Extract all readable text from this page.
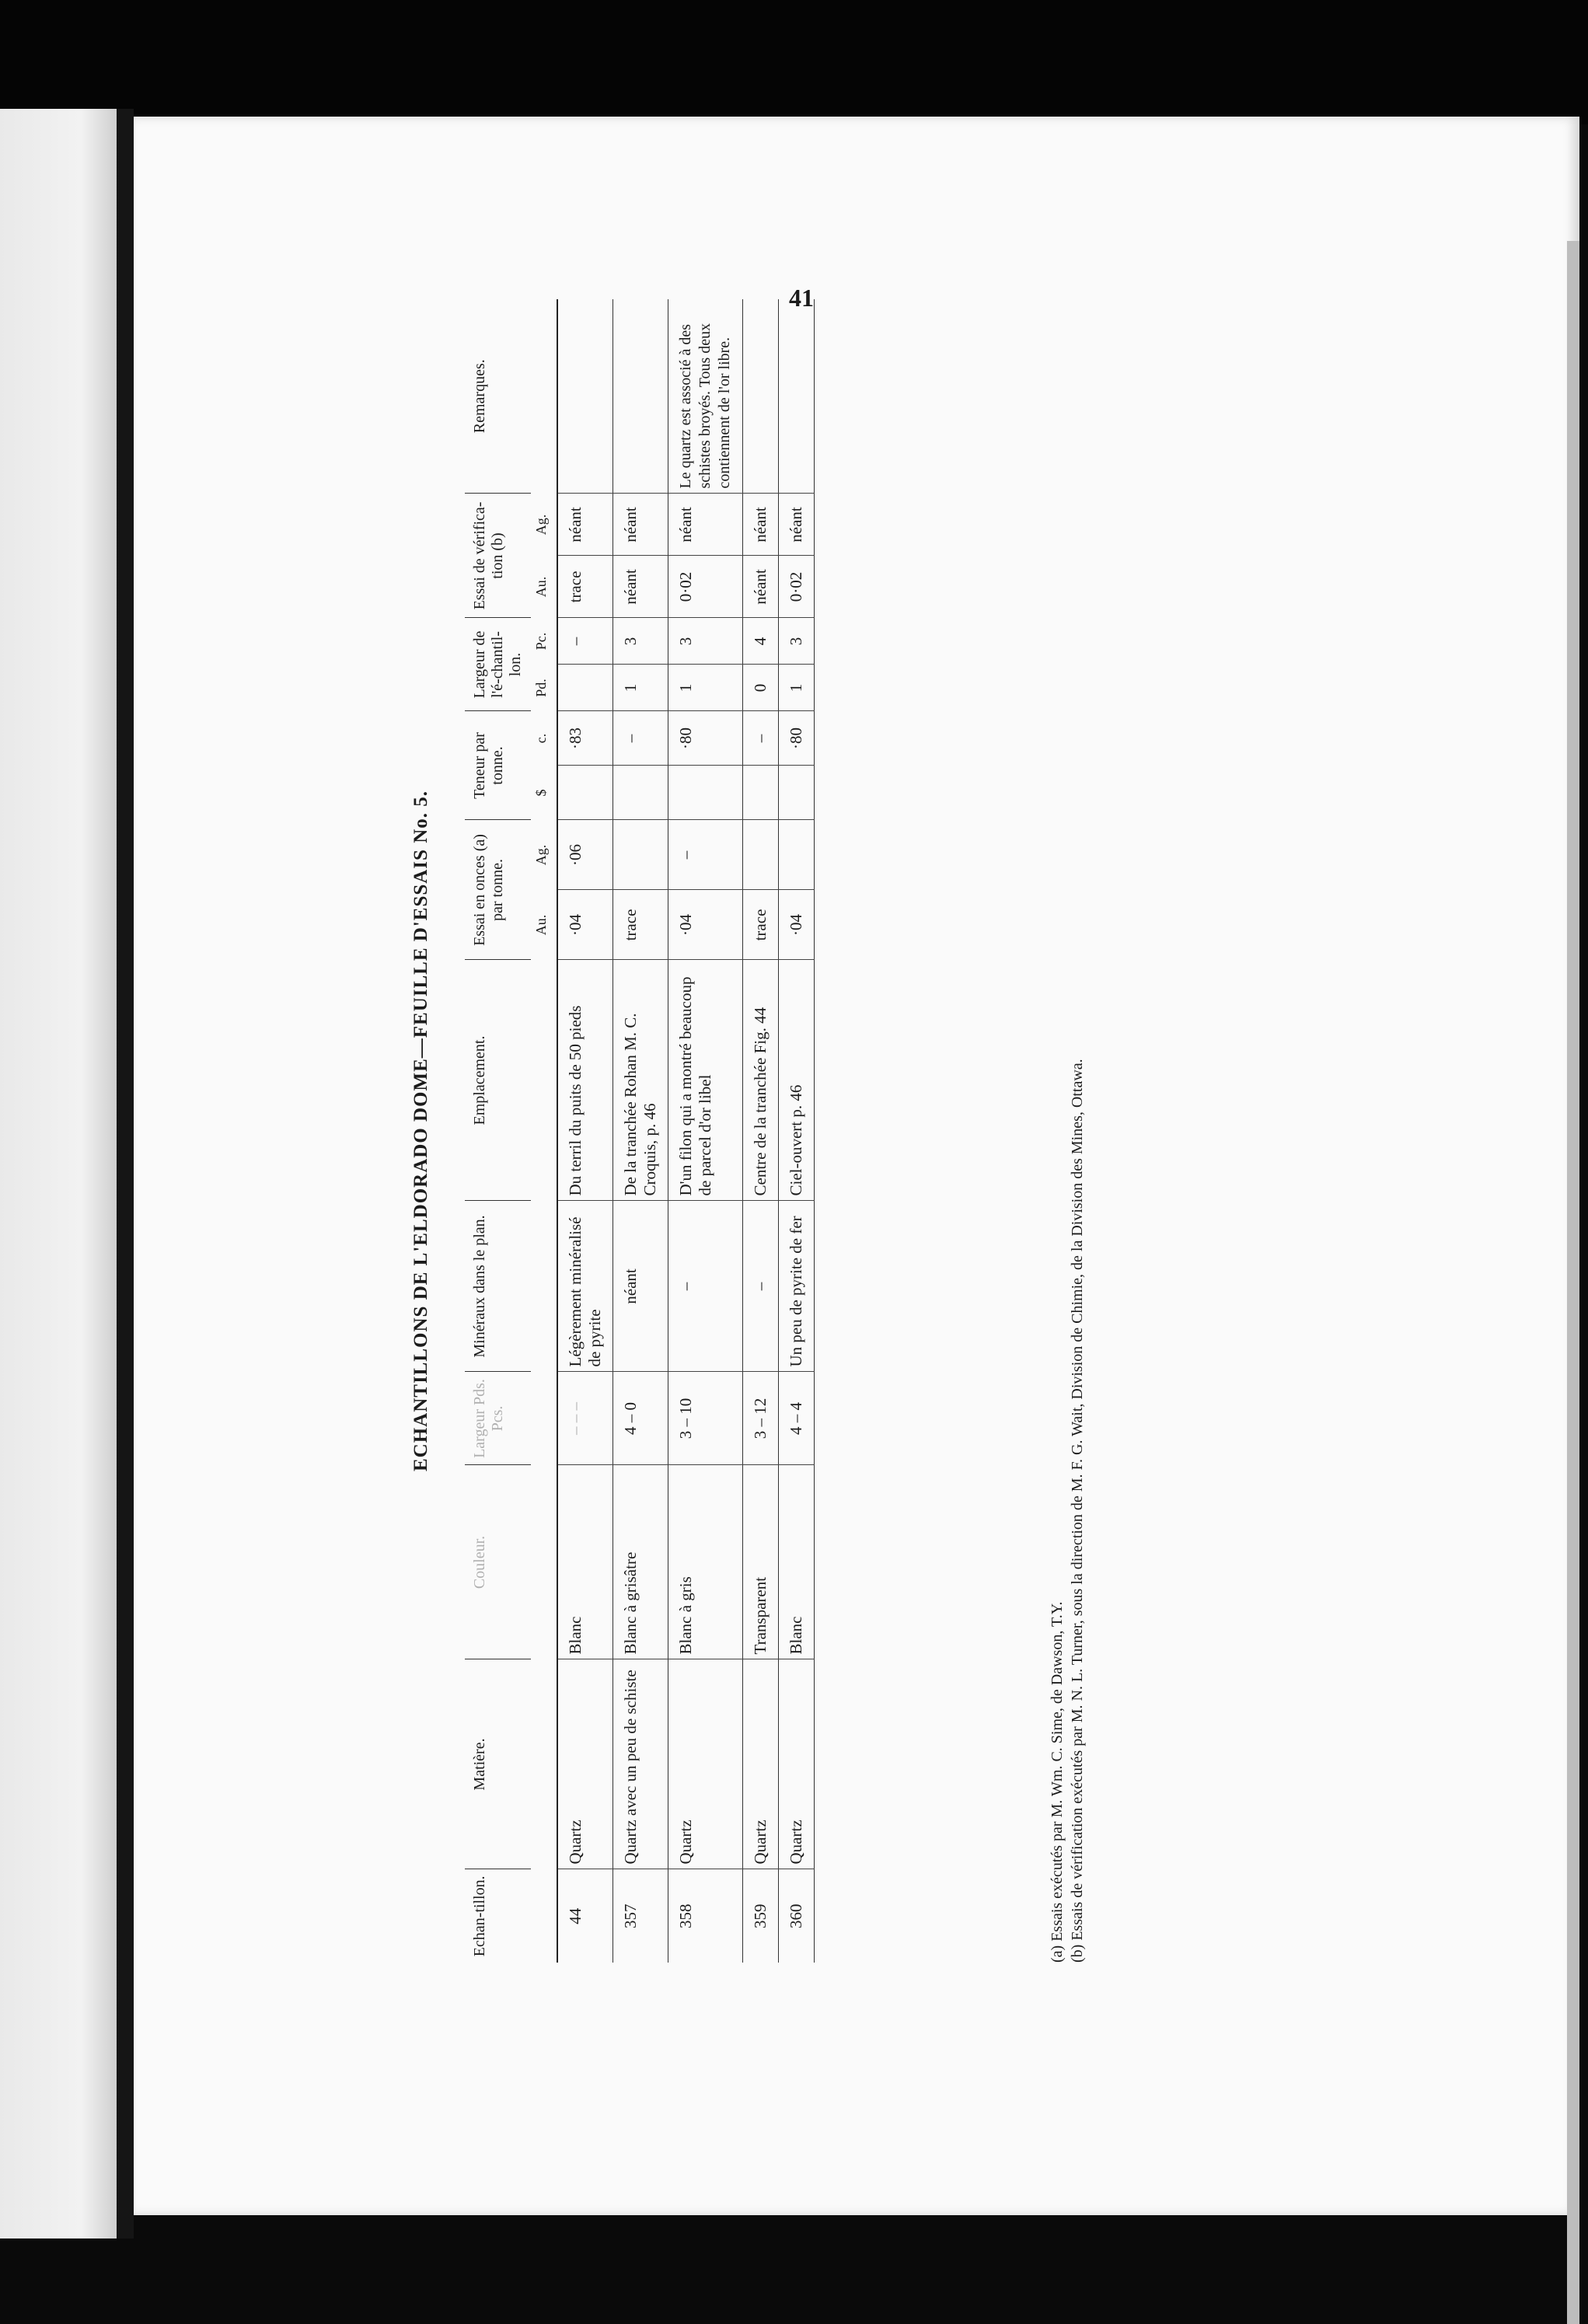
41
ECHANTILLONS DE L'ELDORADO DOME—FEUILLE D'ESSAIS No. 5.
Echan-tillon.	Matière.	Couleur.	Largeur Pds. Pcs.	Minéraux dans le plan.	Emplacement.	Essai en onces (a) par tonne.		Teneur par tonne.		Largeur de l'é-chantil-lon.		Essai de vérifica-tion (b)		Remarques.
						Au.	Ag.	$	c.	Pd.	Pc.	Au.	Ag.	
44	Quartz	Blanc	– – –	Légèrement minéralisé de pyrite	Du terril du puits de 50 pieds	·04	·06		·83		–	trace	néant	
357	Quartz avec un peu de schiste	Blanc à grisâtre	4 – 0	néant	De la tranchée Rohan M. C. Croquis, p. 46	trace			–	1	3	néant	néant	
358	Quartz	Blanc à gris	3 – 10	–	D'un filon qui a montré beaucoup de parcel d'or libel	·04	–		·80	1	3	0·02	néant	Le quartz est associé à des schistes broyés. Tous deux contiennent de l'or libre.
359	Quartz	Transparent	3 – 12	–	Centre de la tranchée Fig. 44	trace			–	0	4	néant	néant	
360	Quartz	Blanc	4 – 4	Un peu de pyrite de fer	Ciel-ouvert p. 46	·04			·80	1	3	0·02	néant	
(a) Essais exécutés par M. Wm. C. Sime, de Dawson, T.Y.
(b) Essais de vérification exécutés par M. N. L. Turner, sous la direction de M. F. G. Wait, Division de Chimie, de la Division des Mines, Ottawa.
